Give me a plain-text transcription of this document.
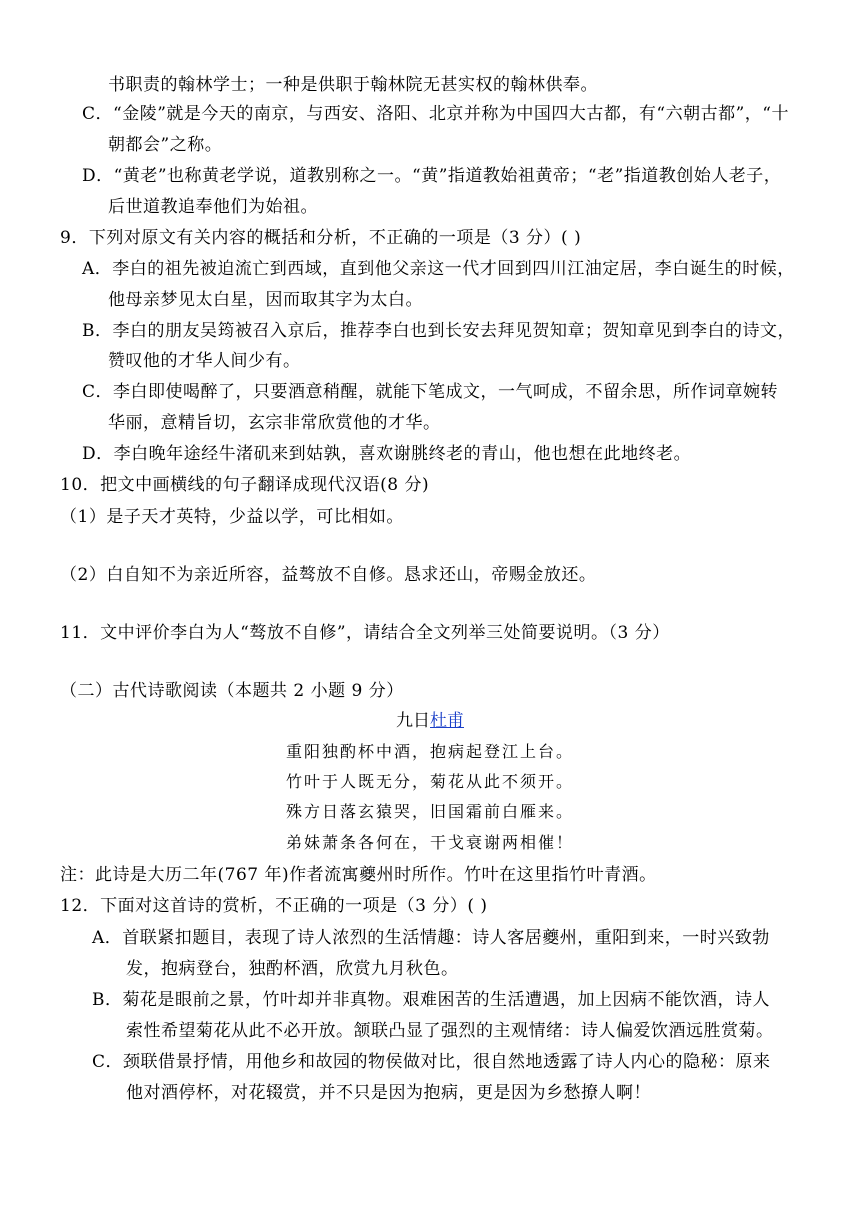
书职责的翰林学士；一种是供职于翰林院无甚实权的翰林供奉。
C．“金陵”就是今天的南京，与西安、洛阳、北京并称为中国四大古都，有“六朝古都”，“十
朝都会”之称。
D．“黄老”也称黄老学说，道教别称之一。“黄”指道教始祖黄帝；“老”指道教创始人老子，
后世道教追奉他们为始祖。
9．下列对原文有关内容的概括和分析，不正确的一项是（3 分）( )
A．李白的祖先被迫流亡到西域，直到他父亲这一代才回到四川江油定居，李白诞生的时候，
他母亲梦见太白星，因而取其字为太白。
B．李白的朋友吴筠被召入京后，推荐李白也到长安去拜见贺知章；贺知章见到李白的诗文，
赞叹他的才华人间少有。
C．李白即使喝醉了，只要酒意稍醒，就能下笔成文，一气呵成，不留余思，所作词章婉转
华丽，意精旨切，玄宗非常欣赏他的才华。
D．李白晚年途经牛渚矶来到姑孰，喜欢谢朓终老的青山，他也想在此地终老。
10．把文中画横线的句子翻译成现代汉语(8 分)
（1）是子天才英特，少益以学，可比相如。
（2）白自知不为亲近所容，益骜放不自修。恳求还山，帝赐金放还。
11．文中评价李白为人“骜放不自修”，请结合全文列举三处简要说明。（3 分）
（二）古代诗歌阅读（本题共 2 小题 9 分）
九日杜甫
重阳独酌杯中酒，抱病起登江上台。
竹叶于人既无分，菊花从此不须开。
殊方日落玄猿哭，旧国霜前白雁来。
弟妹萧条各何在，干戈衰谢两相催！
注：此诗是大历二年(767 年)作者流寓夔州时所作。竹叶在这里指竹叶青酒。
12．下面对这首诗的赏析，不正确的一项是（3 分）( )
A．首联紧扣题目，表现了诗人浓烈的生活情趣：诗人客居夔州，重阳到来，一时兴致勃
发，抱病登台，独酌杯酒，欣赏九月秋色。
B．菊花是眼前之景，竹叶却并非真物。艰难困苦的生活遭遇，加上因病不能饮酒，诗人
索性希望菊花从此不必开放。颔联凸显了强烈的主观情绪：诗人偏爱饮酒远胜赏菊。
C．颈联借景抒情，用他乡和故园的物侯做对比，很自然地透露了诗人内心的隐秘：原来
他对酒停杯，对花辍赏，并不只是因为抱病，更是因为乡愁撩人啊！
